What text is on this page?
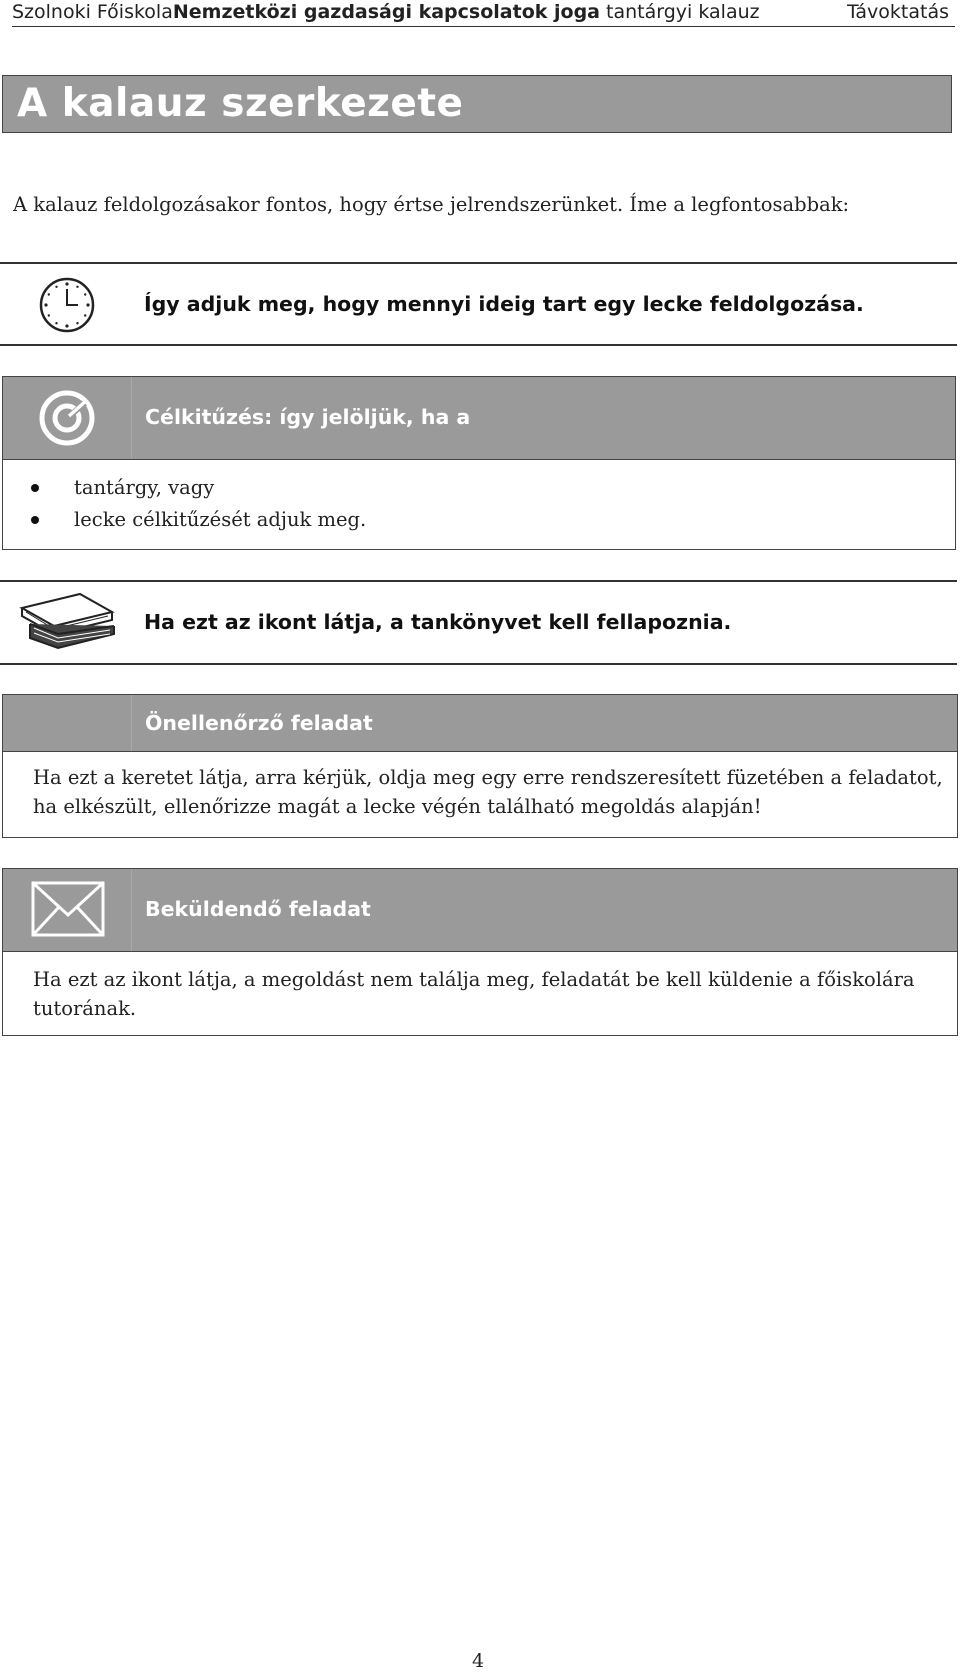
Szolnoki FőiskolaNemzetközi gazdasági kapcsolatok joga tantárgyi kalauz	Távoktatás
A kalauz szerkezete
A kalauz feldolgozásakor fontos, hogy értse jelrendszerünket. Íme a legfontosabbak:
Így adjuk meg, hogy mennyi ideig tart egy lecke feldolgozása.
Célkitűzés: így jelöljük, ha a
tantárgy, vagy
lecke célkitűzését adjuk meg.
Ha ezt az ikont látja, a tankönyvet kell fellapoznia.
Önellenőrző feladat
Ha ezt a keretet látja, arra kérjük, oldja meg egy erre rendszeresített füzetében a feladatot,
ha elkészült, ellenőrizze magát a lecke végén található megoldás alapján!
Beküldendő feladat
Ha ezt az ikont látja, a megoldást nem találja meg, feladatát be kell küldenie a főiskolára
tutorának.
4
